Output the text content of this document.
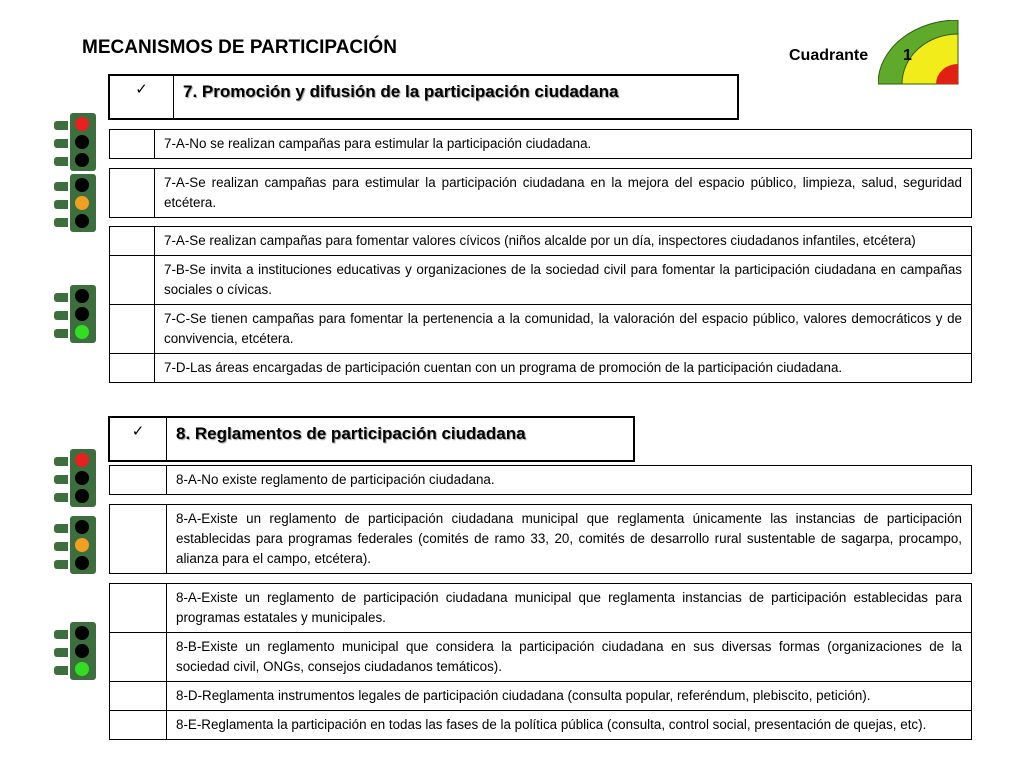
MECANISMOS DE PARTICIPACIÓN	Cuadrante 1
✓	7. Promoción y difusión de la participación ciudadana
	7-A-No se realizan campañas para estimular la participación ciudadana.
	7-A-Se realizan campañas para estimular la participación ciudadana en la mejora del espacio público, limpieza, salud, seguridad etcétera.
	7-A-Se realizan campañas para fomentar valores cívicos (niños alcalde por un día, inspectores ciudadanos infantiles, etcétera)
	7-B-Se invita a instituciones educativas y organizaciones de la sociedad civil para fomentar la participación ciudadana en campañas sociales o cívicas.
	7-C-Se tienen campañas para fomentar la pertenencia a la comunidad, la valoración del espacio público, valores democráticos y de convivencia, etcétera.
	7-D-Las áreas encargadas de participación cuentan con un programa de promoción de la participación ciudadana.
✓	8. Reglamentos de participación ciudadana
	8-A-No existe reglamento de participación ciudadana.
	8-A-Existe un reglamento de participación ciudadana municipal que reglamenta únicamente las instancias de participación establecidas para programas federales (comités de ramo 33, 20, comités de desarrollo rural sustentable de sagarpa, procampo, alianza para el campo, etcétera).
	8-A-Existe un reglamento de participación ciudadana municipal que reglamenta instancias de participación establecidas para programas estatales y municipales.
	8-B-Existe un reglamento municipal que considera la participación ciudadana en sus diversas formas (organizaciones de la sociedad civil, ONGs, consejos ciudadanos temáticos).
	8-D-Reglamenta instrumentos legales de participación ciudadana (consulta popular, referéndum, plebiscito, petición).
	8-E-Reglamenta la participación en todas las fases de la política pública (consulta, control social, presentación de quejas, etc).
